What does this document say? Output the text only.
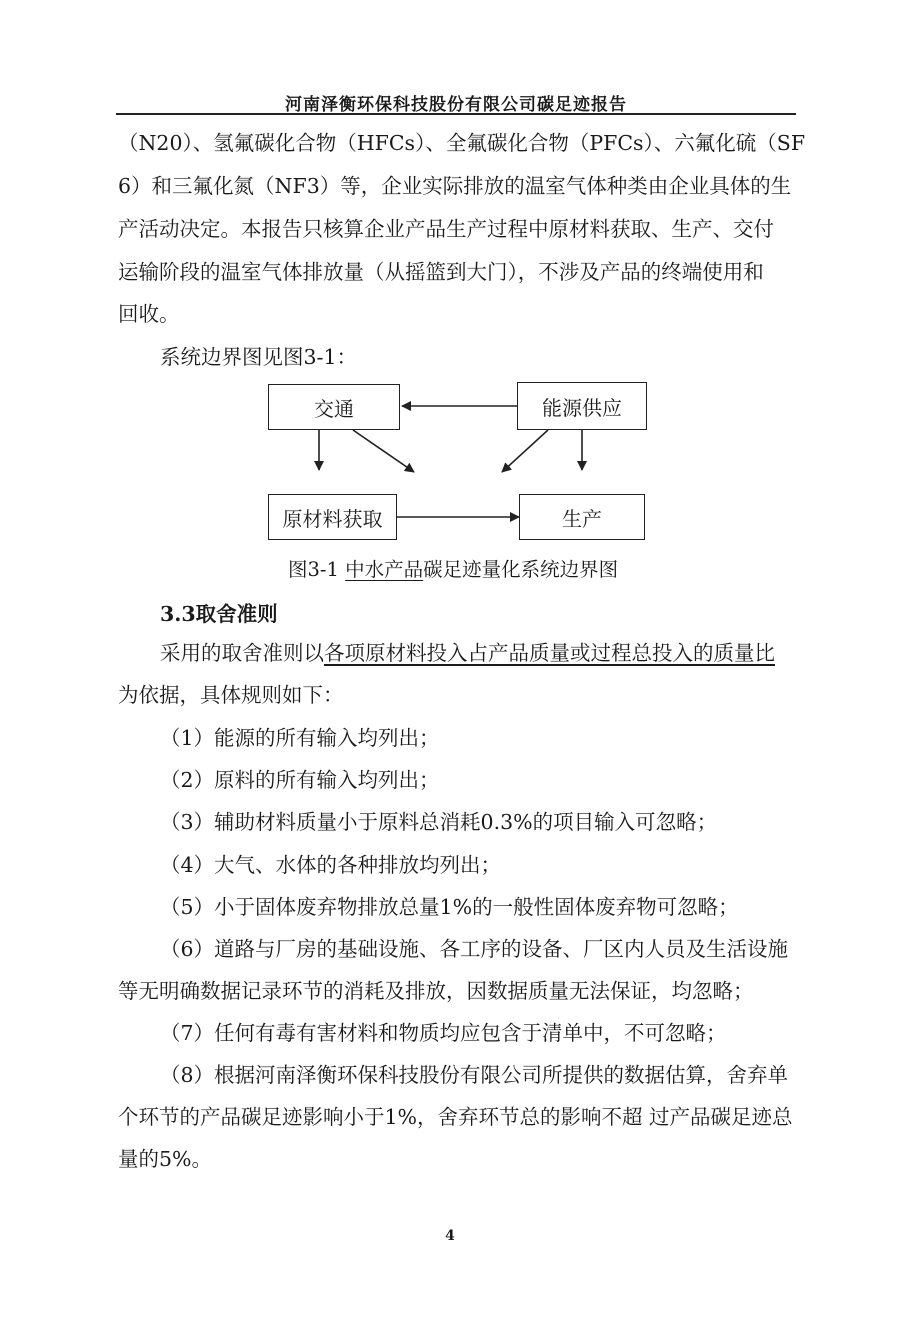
河南泽衡环保科技股份有限公司碳足迹报告
（N20）、氢氟碳化合物（HFCs）、全氟碳化合物（PFCs）、六氟化硫（SF
6）和三氟化氮（NF3）等，企业实际排放的温室气体种类由企业具体的生
产活动决定。本报告只核算企业产品生产过程中原材料获取、生产、交付
运输阶段的温室气体排放量（从摇篮到大门），不涉及产品的终端使用和
回收。
系统边界图见图3-1：
交通	能源供应
原材料获取	生产
图3-1 中水产品碳足迹量化系统边界图
3.3取舍准则
采用的取舍准则以各项原材料投入占产品质量或过程总投入的质量比
为依据，具体规则如下：
（1）能源的所有输入均列出；
（2）原料的所有输入均列出；
（3）辅助材料质量小于原料总消耗0.3%的项目输入可忽略；
（4）大气、水体的各种排放均列出；
（5）小于固体废弃物排放总量1%的一般性固体废弃物可忽略；
（6）道路与厂房的基础设施、各工序的设备、厂区内人员及生活设施
等无明确数据记录环节的消耗及排放，因数据质量无法保证，均忽略；
（7）任何有毒有害材料和物质均应包含于清单中，不可忽略；
（8）根据河南泽衡环保科技股份有限公司所提供的数据估算，舍弃单
个环节的产品碳足迹影响小于1%，舍弃环节总的影响不超 过产品碳足迹总
量的5%。
4
